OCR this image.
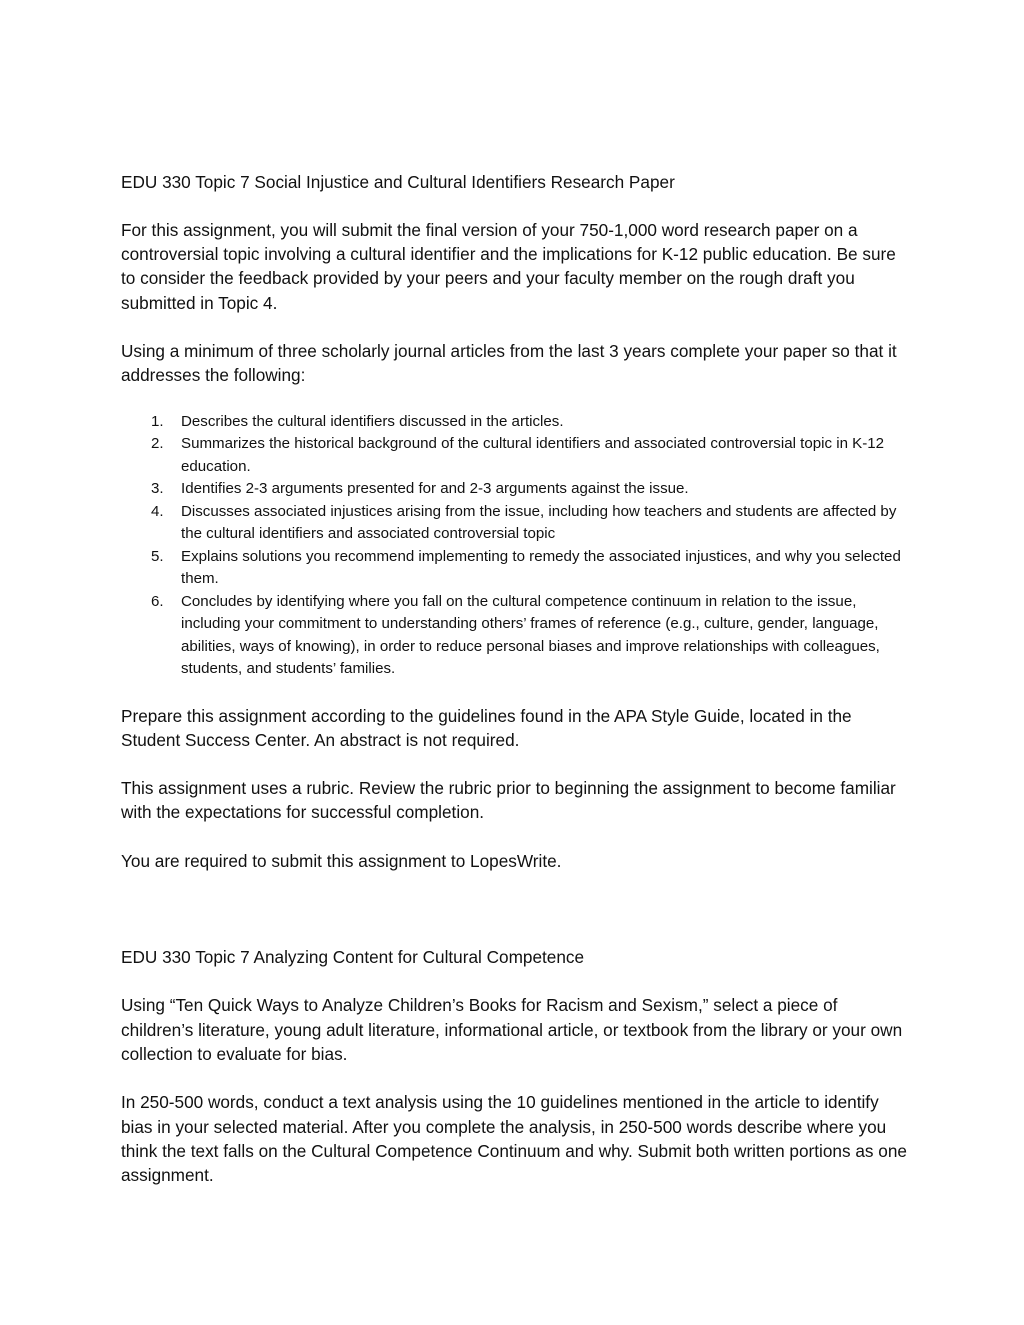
EDU 330 Topic 7 Social Injustice and Cultural Identifiers Research Paper

For this assignment, you will submit the final version of your 750-1,000 word research paper on a controversial topic involving a cultural identifier and the implications for K-12 public education. Be sure to consider the feedback provided by your peers and your faculty member on the rough draft you submitted in Topic 4.

Using a minimum of three scholarly journal articles from the last 3 years complete your paper so that it addresses the following:

1. Describes the cultural identifiers discussed in the articles.
2. Summarizes the historical background of the cultural identifiers and associated controversial topic in K-12 education.
3. Identifies 2-3 arguments presented for and 2-3 arguments against the issue.
4. Discusses associated injustices arising from the issue, including how teachers and students are affected by the cultural identifiers and associated controversial topic
5. Explains solutions you recommend implementing to remedy the associated injustices, and why you selected them.
6. Concludes by identifying where you fall on the cultural competence continuum in relation to the issue, including your commitment to understanding others’ frames of reference (e.g., culture, gender, language, abilities, ways of knowing), in order to reduce personal biases and improve relationships with colleagues, students, and students’ families.

Prepare this assignment according to the guidelines found in the APA Style Guide, located in the Student Success Center. An abstract is not required.

This assignment uses a rubric. Review the rubric prior to beginning the assignment to become familiar with the expectations for successful completion.

You are required to submit this assignment to LopesWrite.

EDU 330 Topic 7 Analyzing Content for Cultural Competence

Using “Ten Quick Ways to Analyze Children’s Books for Racism and Sexism,” select a piece of children’s literature, young adult literature, informational article, or textbook from the library or your own collection to evaluate for bias.

In 250-500 words, conduct a text analysis using the 10 guidelines mentioned in the article to identify bias in your selected material. After you complete the analysis, in 250-500 words describe where you think the text falls on the Cultural Competence Continuum and why. Submit both written portions as one assignment.
